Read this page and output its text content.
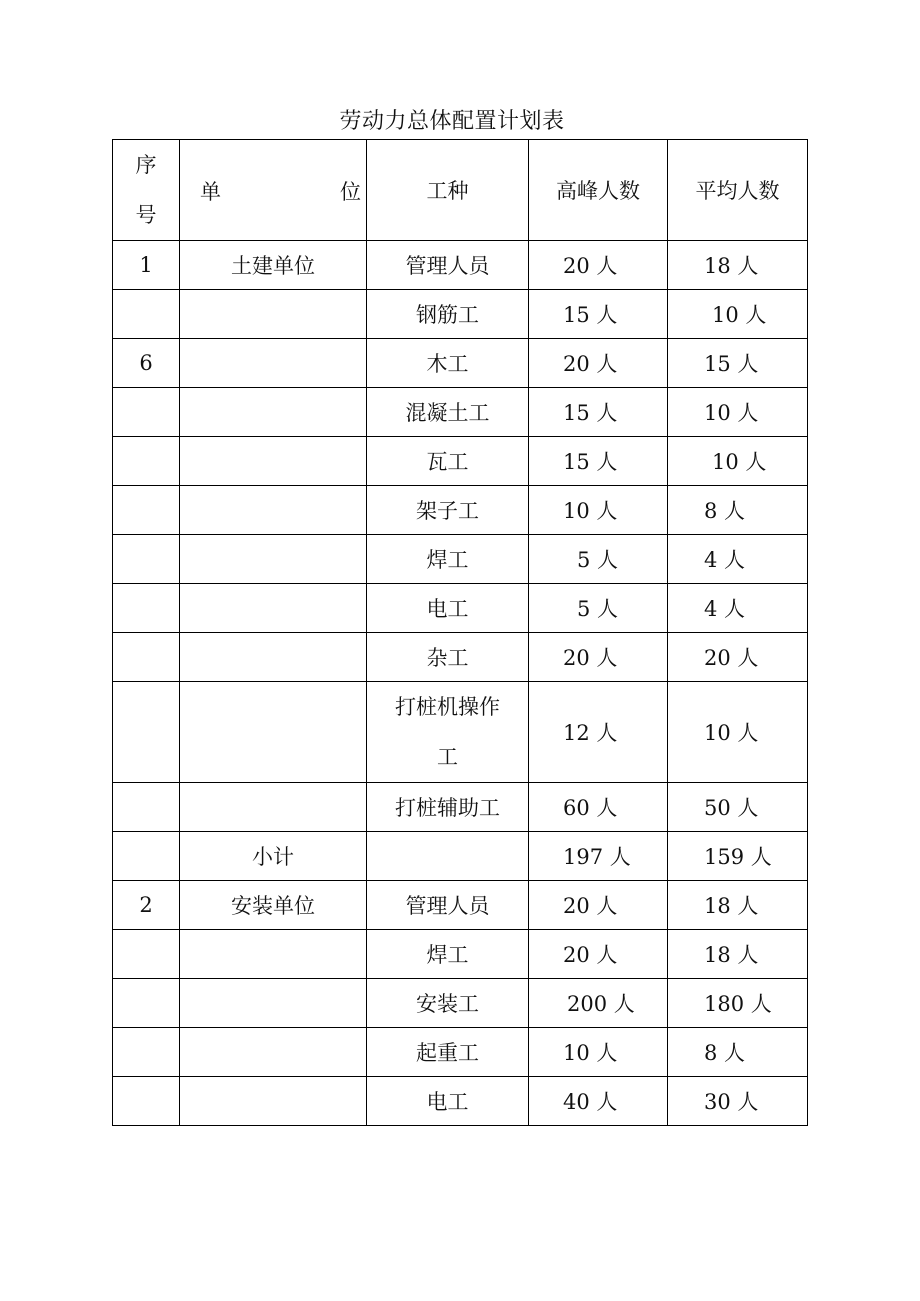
劳动力总体配置计划表
序
号	单 位	工种	高峰人数	平均人数
1	土建单位	管理人员	20 人	18 人
		钢筋工	15 人	10 人
6		木工	20 人	15 人
		混凝土工	15 人	10 人
		瓦工	15 人	10 人
		架子工	10 人	8 人
		焊工	5 人	4 人
		电工	5 人	4 人
		杂工	20 人	20 人

		打桩机操作工	12 人	10 人
		打桩辅助工	60 人	50 人
	小计		197 人	159 人
2	安装单位	管理人员	20 人	18 人
		焊工	20 人	18 人
		安装工	200 人	180 人
		起重工	10 人	8 人
		电工	40 人	30 人
